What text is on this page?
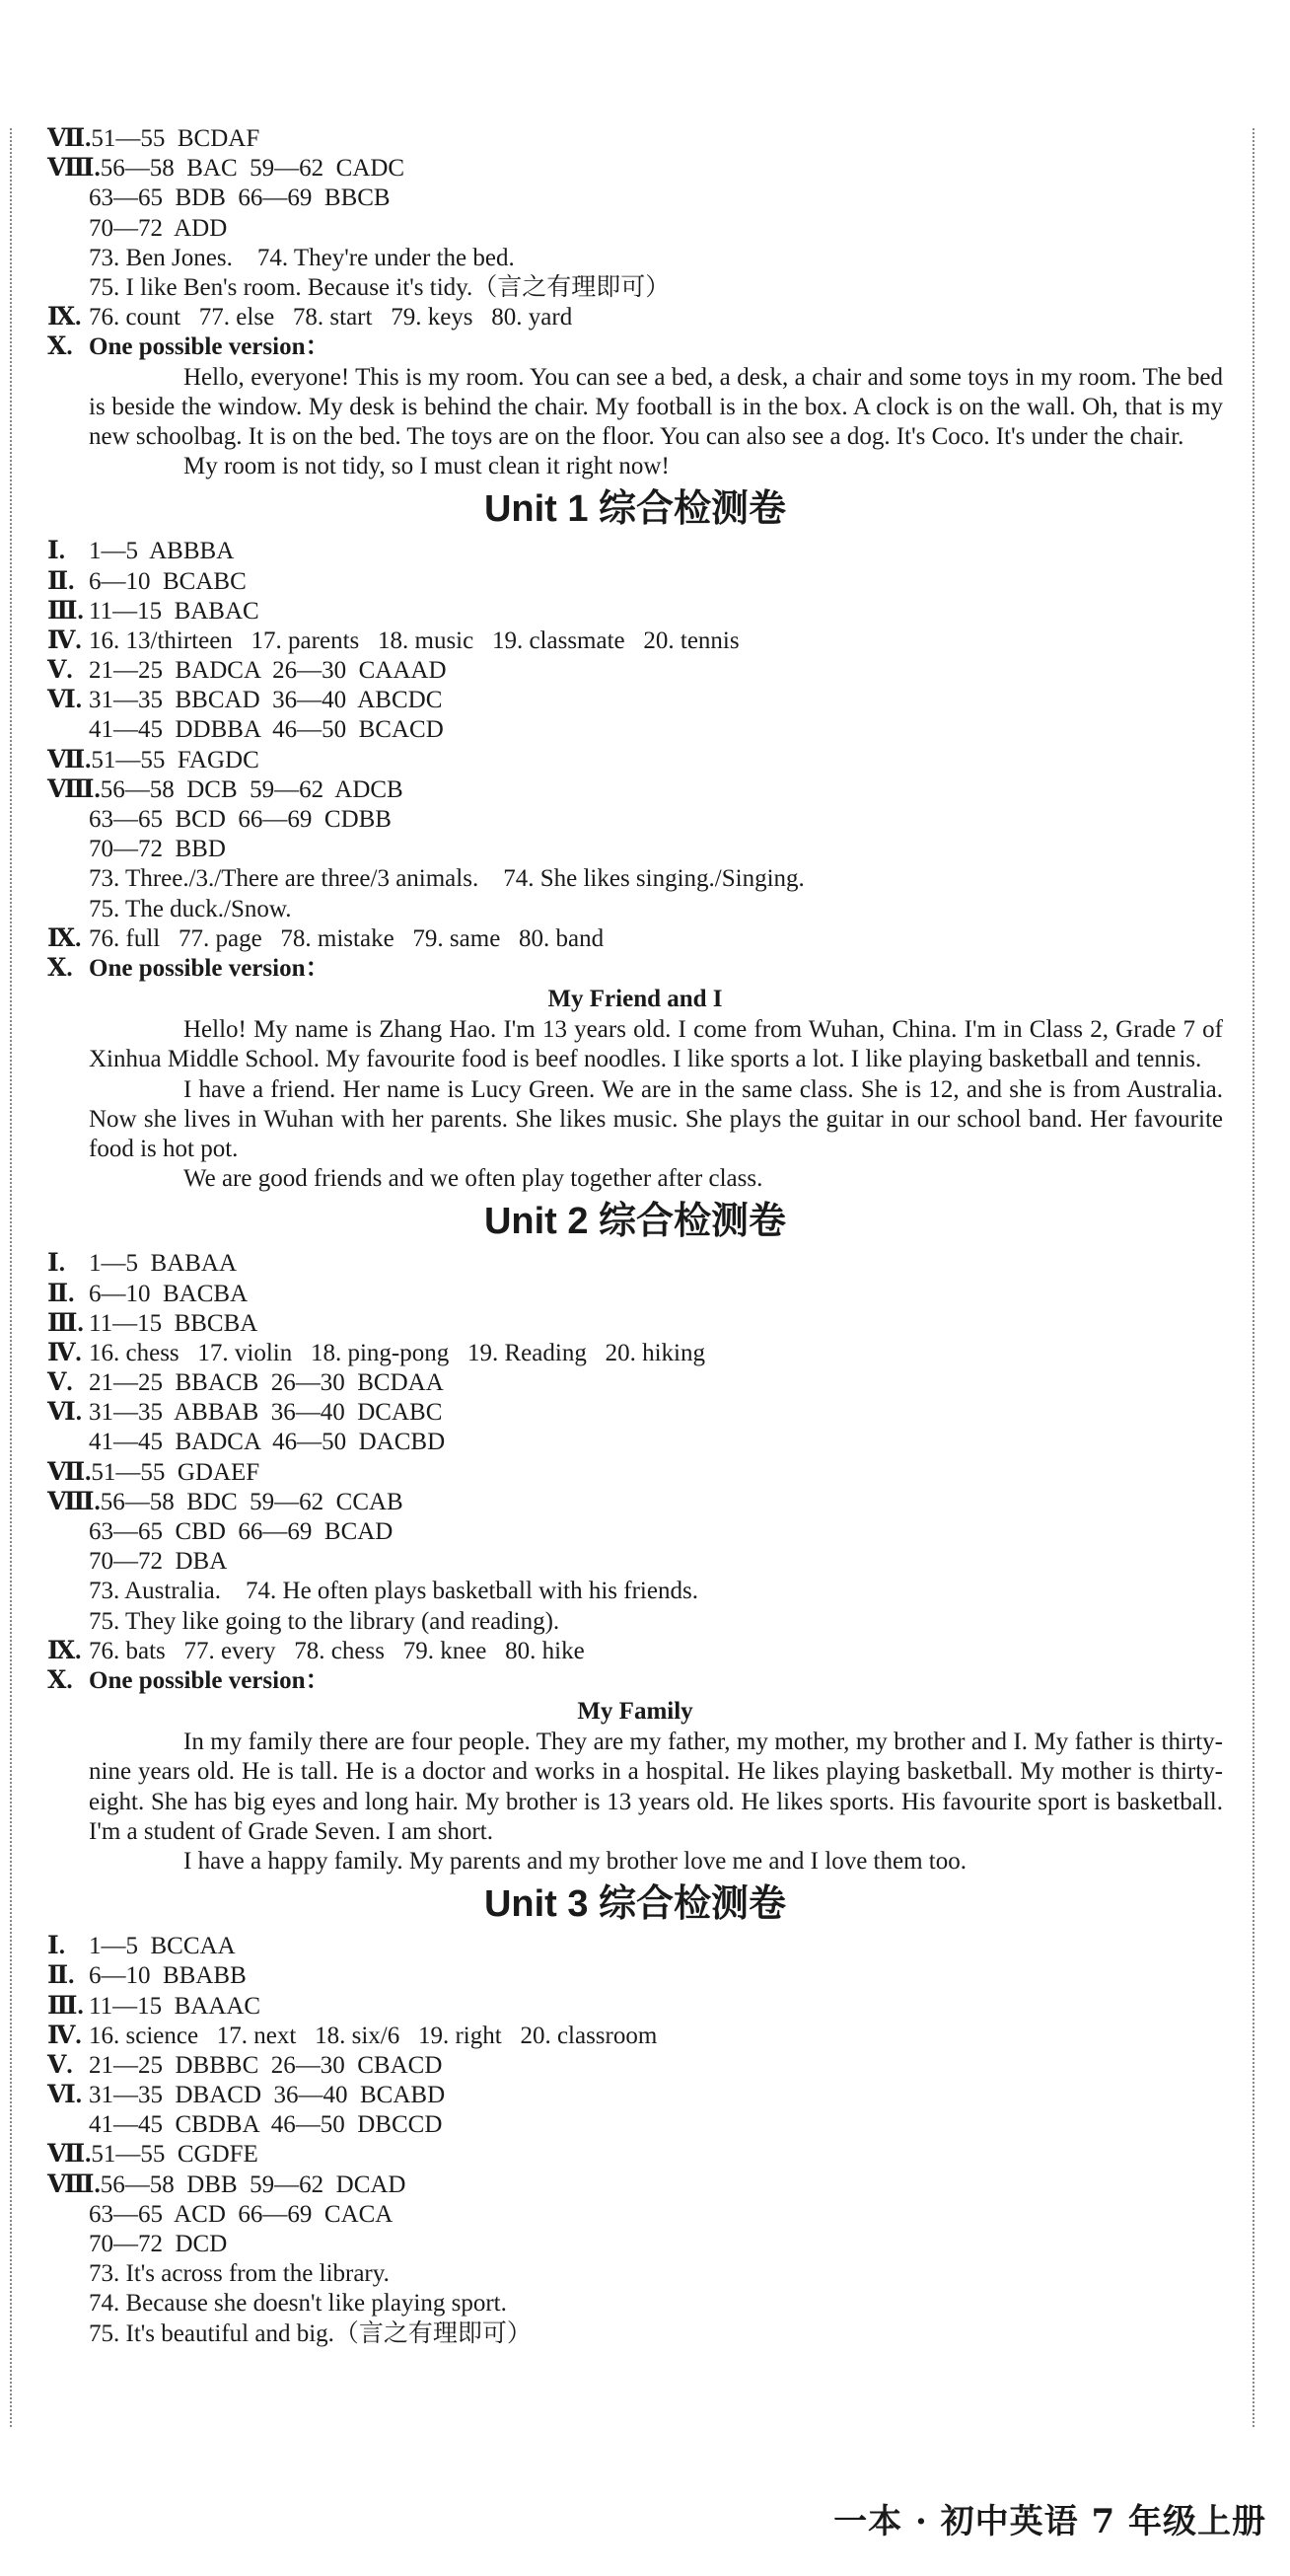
Ⅶ.51—55  BCDAF
Ⅷ.56—58  BAC  59—62  CADC
63—65  BDB  66—69  BBCB
70—72  ADD
73. Ben Jones.    74. They're under the bed.
75. I like Ben's room. Because it's tidy.（言之有理即可）
Ⅸ. 76. count   77. else   78. start   79. keys   80. yard
Ⅹ. One possible version：
Hello, everyone! This is my room. You can see a bed, a desk, a chair and some toys in my room. The bed is beside the window. My desk is behind the chair. My football is in the box. A clock is on the wall. Oh, that is my new schoolbag. It is on the bed. The toys are on the floor. You can also see a dog. It's Coco. It's under the chair.
My room is not tidy, so I must clean it right now!
Unit 1 综合检测卷
Ⅰ. 1—5  ABBBA
Ⅱ. 6—10  BCABC
Ⅲ. 11—15  BABAC
Ⅳ. 16. 13/thirteen   17. parents   18. music   19. classmate   20. tennis
Ⅴ. 21—25  BADCA  26—30  CAAAD
Ⅵ. 31—35  BBCAD  36—40  ABCDC
41—45  DDBBA  46—50  BCACD
Ⅶ.51—55  FAGDC
Ⅷ.56—58  DCB  59—62  ADCB
63—65  BCD  66—69  CDBB
70—72  BBD
73. Three./3./There are three/3 animals.    74. She likes singing./Singing.
75. The duck./Snow.
Ⅸ. 76. full   77. page   78. mistake   79. same   80. band
Ⅹ. One possible version：
My Friend and I
Hello! My name is Zhang Hao. I'm 13 years old. I come from Wuhan, China. I'm in Class 2, Grade 7 of Xinhua Middle School. My favourite food is beef noodles. I like sports a lot. I like playing basketball and tennis.
I have a friend. Her name is Lucy Green. We are in the same class. She is 12, and she is from Australia. Now she lives in Wuhan with her parents. She likes music. She plays the guitar in our school band. Her favourite food is hot pot.
We are good friends and we often play together after class.
Unit 2 综合检测卷
Ⅰ. 1—5  BABAA
Ⅱ. 6—10  BACBA
Ⅲ. 11—15  BBCBA
Ⅳ. 16. chess   17. violin   18. ping-pong   19. Reading   20. hiking
Ⅴ. 21—25  BBACB  26—30  BCDAA
Ⅵ. 31—35  ABBAB  36—40  DCABC
41—45  BADCA  46—50  DACBD
Ⅶ.51—55  GDAEF
Ⅷ.56—58  BDC  59—62  CCAB
63—65  CBD  66—69  BCAD
70—72  DBA
73. Australia.    74. He often plays basketball with his friends.
75. They like going to the library (and reading).
Ⅸ. 76. bats   77. every   78. chess   79. knee   80. hike
Ⅹ. One possible version：
My Family
In my family there are four people. They are my father, my mother, my brother and I. My father is thirty-nine years old. He is tall. He is a doctor and works in a hospital. He likes playing basketball. My mother is thirty-eight. She has big eyes and long hair. My brother is 13 years old. He likes sports. His favourite sport is basketball. I'm a student of Grade Seven. I am short.
I have a happy family. My parents and my brother love me and I love them too.
Unit 3 综合检测卷
Ⅰ. 1—5  BCCAA
Ⅱ. 6—10  BBABB
Ⅲ. 11—15  BAAAC
Ⅳ. 16. science   17. next   18. six/6   19. right   20. classroom
Ⅴ. 21—25  DBBBC  26—30  CBACD
Ⅵ. 31—35  DBACD  36—40  BCABD
41—45  CBDBA  46—50  DBCCD
Ⅶ.51—55  CGDFE
Ⅷ.56—58  DBB  59—62  DCAD
63—65  ACD  66—69  CACA
70—72  DCD
73. It's across from the library.
74. Because she doesn't like playing sport.
75. It's beautiful and big.（言之有理即可）
一本 · 初中英语 7 年级上册
